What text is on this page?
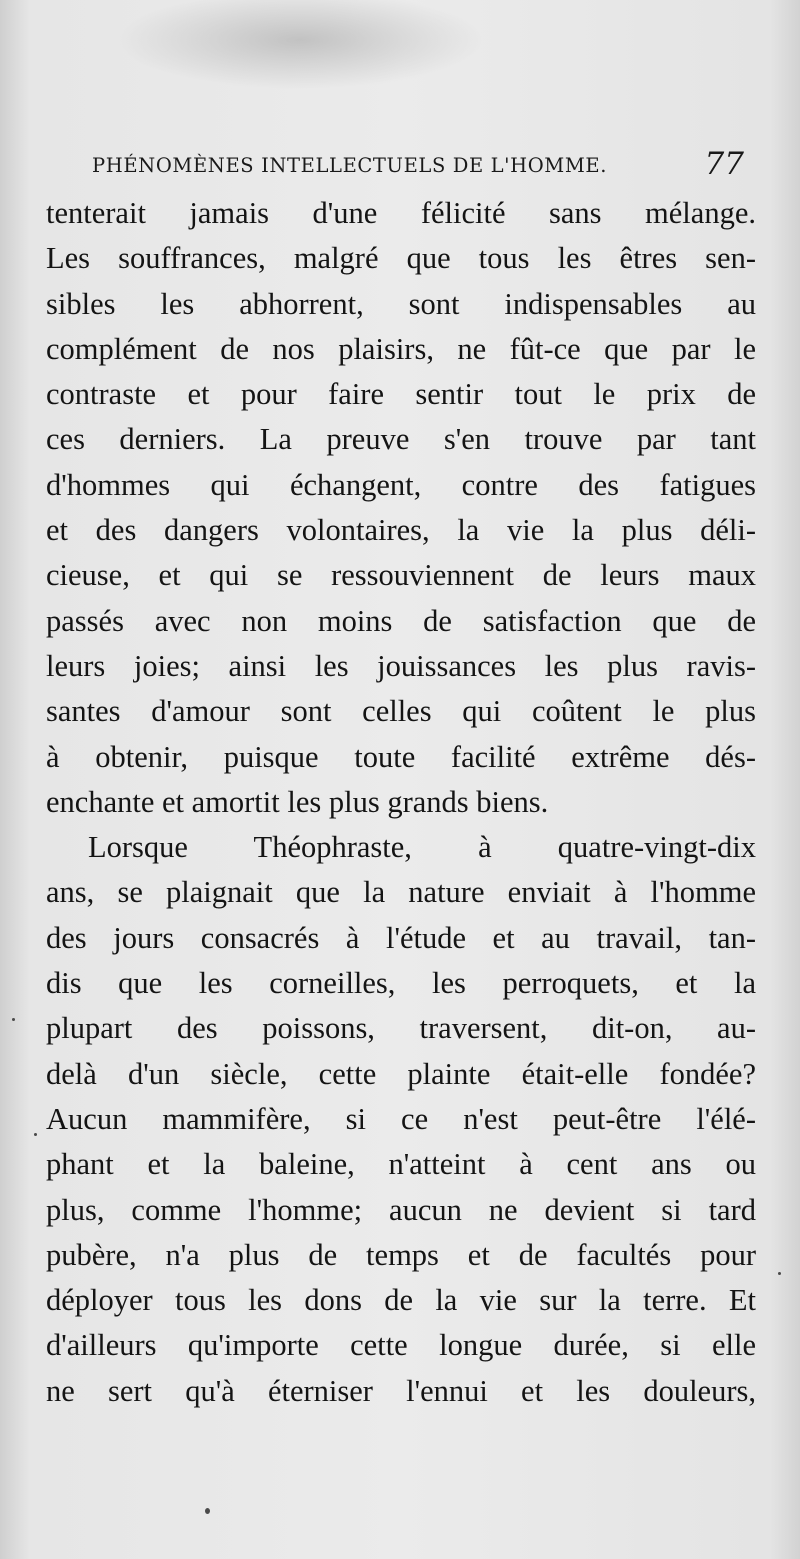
PHÉNOMÈNES INTELLECTUELS DE L'HOMME.	77
tenterait jamais d'une félicité sans mélange.
Les souffrances, malgré que tous les êtres sen-
sibles les abhorrent, sont indispensables au
complément de nos plaisirs, ne fût-ce que par le
contraste et pour faire sentir tout le prix de
ces derniers. La preuve s'en trouve par tant
d'hommes qui échangent, contre des fatigues
et des dangers volontaires, la vie la plus déli-
cieuse, et qui se ressouviennent de leurs maux
passés avec non moins de satisfaction que de
leurs joies; ainsi les jouissances les plus ravis-
santes d'amour sont celles qui coûtent le plus
à obtenir, puisque toute facilité extrême dés-
enchante et amortit les plus grands biens.
Lorsque Théophraste, à quatre-vingt-dix
ans, se plaignait que la nature enviait à l'homme
des jours consacrés à l'étude et au travail, tan-
dis que les corneilles, les perroquets, et la
plupart des poissons, traversent, dit-on, au-
delà d'un siècle, cette plainte était-elle fondée?
Aucun mammifère, si ce n'est peut-être l'élé-
phant et la baleine, n'atteint à cent ans ou
plus, comme l'homme; aucun ne devient si tard
pubère, n'a plus de temps et de facultés pour
déployer tous les dons de la vie sur la terre. Et
d'ailleurs qu'importe cette longue durée, si elle
ne sert qu'à éterniser l'ennui et les douleurs,
